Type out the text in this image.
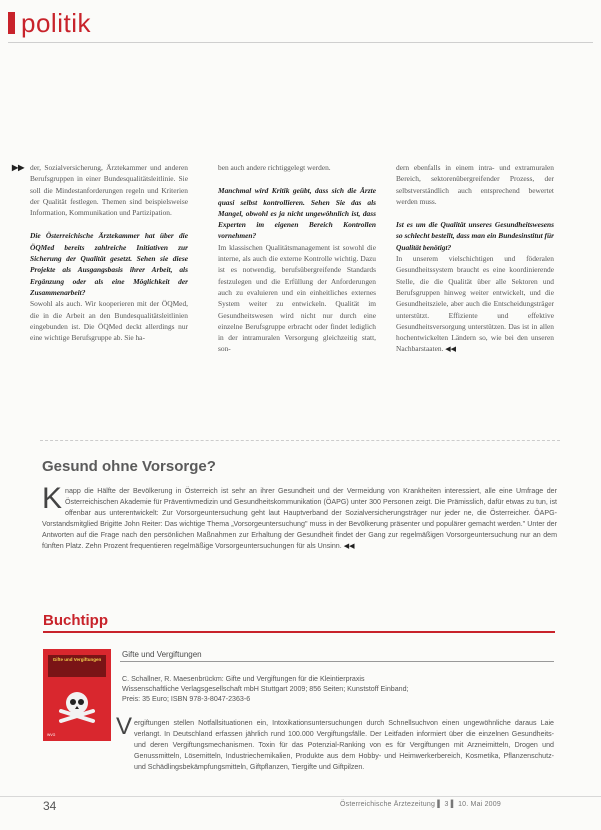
politik
▶▶ der, Sozialversicherung, Ärztekammer und anderen Berufsgruppen in einer Bundesqualitätsleitlinie. Sie soll die Mindestanforderungen regeln und Kriterien der Qualität festlegen. Themen sind beispielsweise Information, Kommunikation und Partizipation.

Die Österreichische Ärztekammer hat über die ÖQMed bereits zahlreiche Initiativen zur Sicherung der Qualität gesetzt. Sehen sie diese Projekte als Ausgangsbasis ihrer Arbeit, als Ergänzung oder als eine Möglichkeit der Zusammenarbeit?

Sowohl als auch. Wir kooperieren mit der ÖQMed, die in die Arbeit an den Bundesqualitätsleitlinien eingebunden ist. Die ÖQMed deckt allerdings nur eine wichtige Berufsgruppe ab. Sie ha-

ben auch andere richtiggelegt werden.

Manchmal wird Kritik geübt, dass sich die Ärzte quasi selbst kontrollieren. Sehen Sie das als Mangel, obwohl es ja nicht ungewöhnlich ist, dass Experten im eigenen Bereich Kontrollen vornehmen?

Im klassischen Qualitätsmanagement ist sowohl die interne, als auch die externe Kontrolle wichtig. Dazu ist es notwendig, berufsübergreifende Standards festzulegen und die Erfüllung der Anforderungen auch zu evaluieren und ein einheitliches externes System weiter zu entwickeln. Qualität im Gesundheitswesen wird nicht nur durch eine einzelne Berufsgruppe erbracht oder findet lediglich in der intramuralen Versorgung gleichzeitig statt, son-

dern ebenfalls in einem intra- und extramuralen Bereich, sektorenübergreifender Prozess, der selbstverständlich auch entsprechend bewertet werden muss.

Ist es um die Qualität unseres Gesundheitswesens so schlecht bestellt, dass man ein Bundesinstitut für Qualität benötigt?

In unserem vielschichtigen und föderalen Gesundheitssystem braucht es eine koordinierende Stelle, die die Qualität über alle Sektoren und Berufsgruppen hinweg weiter entwickelt, und die Gesundheitsziele, aber auch die Entscheidungsträger unterstützt. Effiziente und effektive Gesundheitsversorgung unterstützen. Das ist in allen hochentwickelten Ländern so, wie bei den unseren Nachbarstaaten. ◀◀

Gesund ohne Vorsorge?
K napp die Hälfte der Bevölkerung in Österreich ist sehr an ihrer Gesundheit und der Vermeidung von Krankheiten interessiert, alle eine Umfrage der Österreichischen Akademie für Präventivmedizin und Gesundheitskommunikation (ÖAPG) unter 300 Personen zeigt. Die Prämisslich, dafür etwas zu tun, ist offenbar aus unterentwickelt: Zur Vorsorgeuntersuchung geht laut Hauptverband der Sozialversicherungsträger nur jeder ne, die Österreicher. ÖAPG-Vorstandsmitglied Brigitte John Reiter: Das wichtige Thema „Vorsorgeuntersuchung" muss in der Bevölkerung präsenter und populärer gemacht werden." Unter der Antworten auf die Frage nach den persönlichen Maßnahmen zur Erhaltung der Gesundheit findet der Gang zur regelmäßigen Vorsorgeuntersuchung nur an dem fünften Platz. Zehn Prozent frequentieren regelmäßige Vorsorgeuntersuchungen für als Unsinn. ◀◀
Buchtipp
Gifte und Vergiftungen
Gifte und Vergiftungen
WVG

C. Schallner, R. Maesenbrückm: Gifte und Vergiftungen für die Kleintierpraxis

Wissenschaftliche Verlagsgesellschaft mbH Stuttgart 2009; 856 Seiten; Kunststoff Einband;

Preis: 35 Euro; ISBN 978-3-8047-2363-6

V ergiftungen stellen Notfallsituationen ein, Intoxikationsuntersuchungen durch Schnellsuchvon einen ungewöhnliche daraus Laie verlangt. In Deutschland erfassen jährlich rund 100.000 Vergiftungsfälle. Der Leitfaden informiert über die einzelnen Gesundheits- und deren Vergiftungsmechanismen. Toxin für das Potenzial-Ranking von es für Vergiftungen mit Arzneimitteln, Drogen und Genussmitteln, Lösemitteln, Industriechemikalien, Produkte aus dem Hobby- und Heimwerkerbereich, Kosmetika, Pflanzenschutz- und Schädlingsbekämpfungsmitteln, Giftpflanzen, Tiergifte und Giftpilzen.
34	Österreichische Ärztezeitung ▌ 3 ▌ 10. Mai 2009
